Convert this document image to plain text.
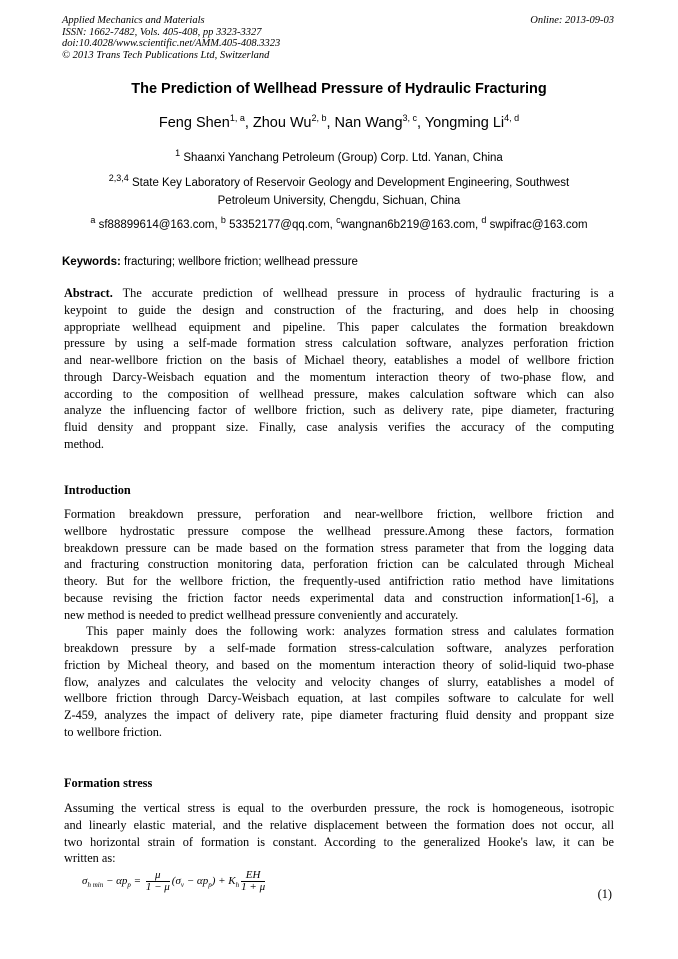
Applied Mechanics and Materials
ISSN: 1662-7482, Vols. 405-408, pp 3323-3327
doi:10.4028/www.scientific.net/AMM.405-408.3323
© 2013 Trans Tech Publications Ltd, Switzerland
Online: 2013-09-03
The Prediction of Wellhead Pressure of Hydraulic Fracturing
Feng Shen$^{1, a}$, Zhou Wu$^{2, b}$, Nan Wang$^{3, c}$, Yongming Li$^{4, d}$
$^1$ Shaanxi Yanchang Petroleum (Group) Corp. Ltd. Yanan, China
$^{2,3,4}$ State Key Laboratory of Reservoir Geology and Development Engineering, Southwest
Petroleum University, Chengdu, Sichuan, China
$^a$ sf88899614@163.com, $^b$ 53352177@qq.com, $^c$wangnan6b219@163.com, $^d$ swpifrac@163.com
Keywords: fracturing; wellbore friction; wellhead pressure
Abstract. The accurate prediction of wellhead pressure in process of hydraulic fracturing is a
keypoint to guide the design and construction of the fracturing, and does help in choosing
appropriate wellhead equipment and pipeline. This paper calculates the formation breakdown
pressure by using a self-made formation stress calculation software, analyzes perforation friction
and near-wellbore friction on the basis of Michael theory, eatablishes a model of wellbore friction
through Darcy-Weisbach equation and the momentum interaction theory of two-phase flow, and
according to the composition of wellhead pressure, makes calculation software which can also
analyze the influencing factor of wellbore friction, such as delivery rate, pipe diameter, fracturing
fluid density and proppant size. Finally, case analysis verifies the accuracy of the computing
method.
Introduction
Formation breakdown pressure, perforation and near-wellbore friction, wellbore friction and
wellbore hydrostatic pressure compose the wellhead pressure.Among these factors, formation
breakdown pressure can be made based on the formation stress parameter that from the logging data
and fracturing construction monitoring data, perforation friction can be calculated through Micheal
theory. But for the wellbore friction, the frequently-used antifriction ratio method have limitations
because revising the friction factor needs experimental data and construction information[1-6], a
new method is needed to predict wellhead pressure conveniently and accurately.
This paper mainly does the following work: analyzes formation stress and calulates formation
breakdown pressure by a self-made formation stress-calculation software, analyzes perforation
friction by Micheal theory, and based on the momentum interaction theory of solid-liquid two-phase
flow, analyzes and calculates the velocity and velocity changes of slurry, eatablishes a model of
wellbore friction through Darcy-Weisbach equation, at last compiles software to calculate for well
Z-459, analyzes the impact of delivery rate, pipe diameter fracturing fluid density and proppant size
to wellbore friction.
Formation stress
Assuming the vertical stress is equal to the overburden pressure, the rock is homogeneous, isotropic
and linearly elastic material, and the relative displacement between the formation does not occur, all
two horizontal strain of formation is constant. According to the generalized Hooke's law, it can be
written as:
$\sigma_{h min} - \alpha p_p = \frac{\mu}{1 - \mu} (\sigma_v - \alpha p_p) + K_h \frac{EH}{1 + \mu}$
(1)
